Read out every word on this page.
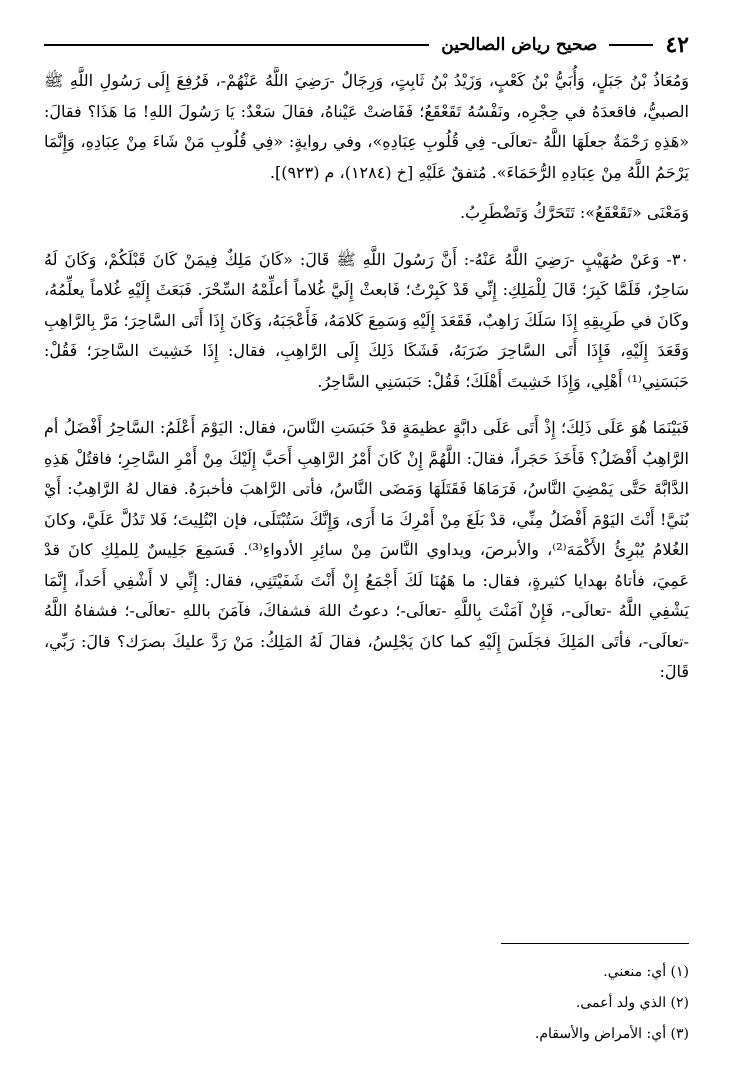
٤٢
صحيح رياض الصالحين

وَمُعَاذُ بْنُ جَبَلٍ، وَأُبَيُّ بْنُ كَعْبٍ، وَزَيْدُ بْنُ ثَابِتٍ، وَرِجَالٌ -رَضِيَ اللَّهُ عَنْهُمْ-، فَرُفِعَ إِلَى رَسُولِ اللَّهِ ﷺ الصبيُّ، فاقعدَهُ في حِجْرِه، ونَفْسُهُ تَقَعْقَعُ؛ فَفَاضتْ عَيْناهُ، فقالَ سَعْدٌ: يَا رَسُولَ اللهِ! مَا هَذَا؟ فقالَ: «هَذِهِ رَحْمَةٌ جعلَهَا اللَّهُ -تعالَى- فِي قُلُوبِ عِبَادِهِ»، وفي روايةٍ: «فِي قُلُوبِ مَنْ شَاءَ مِنْ عِبَادِهِ، وَإِنَّمَا يَرْحَمُ اللَّهُ مِنْ عِبَادِهِ الرُّحَمَاءَ». مُتفقٌ عَلَيْهِ [خ (١٢٨٤)، م (٩٢٣)].

وَمَعْنَى «تَقَعْقَعُ»: تَتَحَرَّكُ وَتَضْطَرِبُ.

٣٠- وَعَنْ صُهَيْبٍ -رَضِيَ اللَّهُ عَنْهُ-: أَنَّ رَسُولَ اللَّهِ ﷺ قَالَ: «كَانَ مَلِكٌ فِيمَنْ كَانَ قَبْلَكُمْ، وَكَانَ لَهُ سَاحِرٌ، فَلَمَّا كَبِرَ؛ قَالَ لِلْمَلِكِ: إِنِّي قَدْ كَبِرْتُ؛ فَابعثْ إِلَيَّ غُلاماً أعلِّمْهُ السِّحْرَ. فَبَعَثَ إِلَيْهِ غُلاماً يعلِّمُهُ، وكَانَ في طَرِيقِهِ إِذَا سَلَكَ رَاهِبٌ، فَقَعَدَ إِلَيْهِ وَسَمِعَ كَلامَهُ، فَأَعْجَبَهُ، وَكَانَ إِذَا أَتَى السَّاحِرَ؛ مَرَّ بِالرَّاهِبِ وَقَعَدَ إِلَيْهِ، فَإِذَا أَتَى السَّاحِرَ ضَرَبَهُ، فَشَكَا ذَلِكَ إِلَى الرَّاهِبِ، فقال: إِذَا خَشِيتَ السَّاحِرَ؛ فَقُلْ: حَبَسَنِي⁽¹⁾ أَهْلِي، وَإِذَا خَشِيتَ أَهْلَكَ؛ فَقُلْ: حَبَسَنِي السَّاحِرُ.

فَبَيْنَمَا هُوَ عَلَى ذَلِكَ؛ إِذْ أَتَى عَلَى دابَّةٍ عظيمَةٍ قدْ حَبَسَتِ النَّاسَ، فقال: اليَوْمَ أَعْلَمُ: السَّاحِرُ أَفْضَلُ أم الرَّاهِبُ أَفْضَلُ؟ فَأَخَذَ حَجَراً، فقالَ: اللَّهُمَّ إِنْ كَانَ أَمْرُ الرَّاهِبِ أَحَبَّ إِلَيْكَ مِنْ أَمْرِ السَّاحِرِ؛ فاقتُلْ هَذِهِ الدَّابَّةَ حَتَّى يَمْضِيَ النَّاسُ، فَرَمَاهَا فَقَتَلَهَا وَمَضَى النَّاسُ، فأتى الرَّاهبَ فأخبرَهُ. فقال لهُ الرَّاهِبُ: أَيْ بُنَيَّ! أَنْتَ اليَوْمَ أَفْضَلُ مِنِّي، قدْ بَلَغَ مِنْ أَمْرِكَ مَا أَرَى، وَإِنَّكَ سَتُبْتَلَى، فإن ابْتُلِيتَ؛ فَلا تَدُلَّ عَلَيَّ، وكانَ الغُلامُ يُبْرِئُ الأَكْمَهَ⁽²⁾، والأبرصَ، ويداوي النَّاسَ مِنْ سائِرِ الأدواءِ⁽³⁾. فَسَمِعَ جَلِيسٌ لِلملِكِ كانَ قدْ عَمِيَ، فأتاهُ بهدايا كثيرةٍ، فقال: ما هَهُنَا لَكَ أَجْمَعُ إِنْ أَنْتَ شَفَيْتَنِي، فقال: إِنِّي لا أَشْفِي أَحَداً، إِنَّمَا يَشْفِي اللَّهُ -تعالَى-، فَإِنْ آمَنْتَ بِاللَّهِ -تعالَى-؛ دعوتُ اللهَ فشفاكَ، فآمَنَ باللهِ -تعالَى-؛ فشفاهُ اللَّهُ -تعالَى-، فأتَى المَلِكَ فجَلَسَ إِلَيْهِ كما كانَ يَجْلِسُ، فقالَ لَهُ المَلِكُ: مَنْ رَدَّ عليكَ بصرَك؟ قالَ: رَبِّي، قَالَ:

(١) أي: منعني.
(٢) الذي ولد أعمى.
(٣) أي: الأمراض والأسقام.
